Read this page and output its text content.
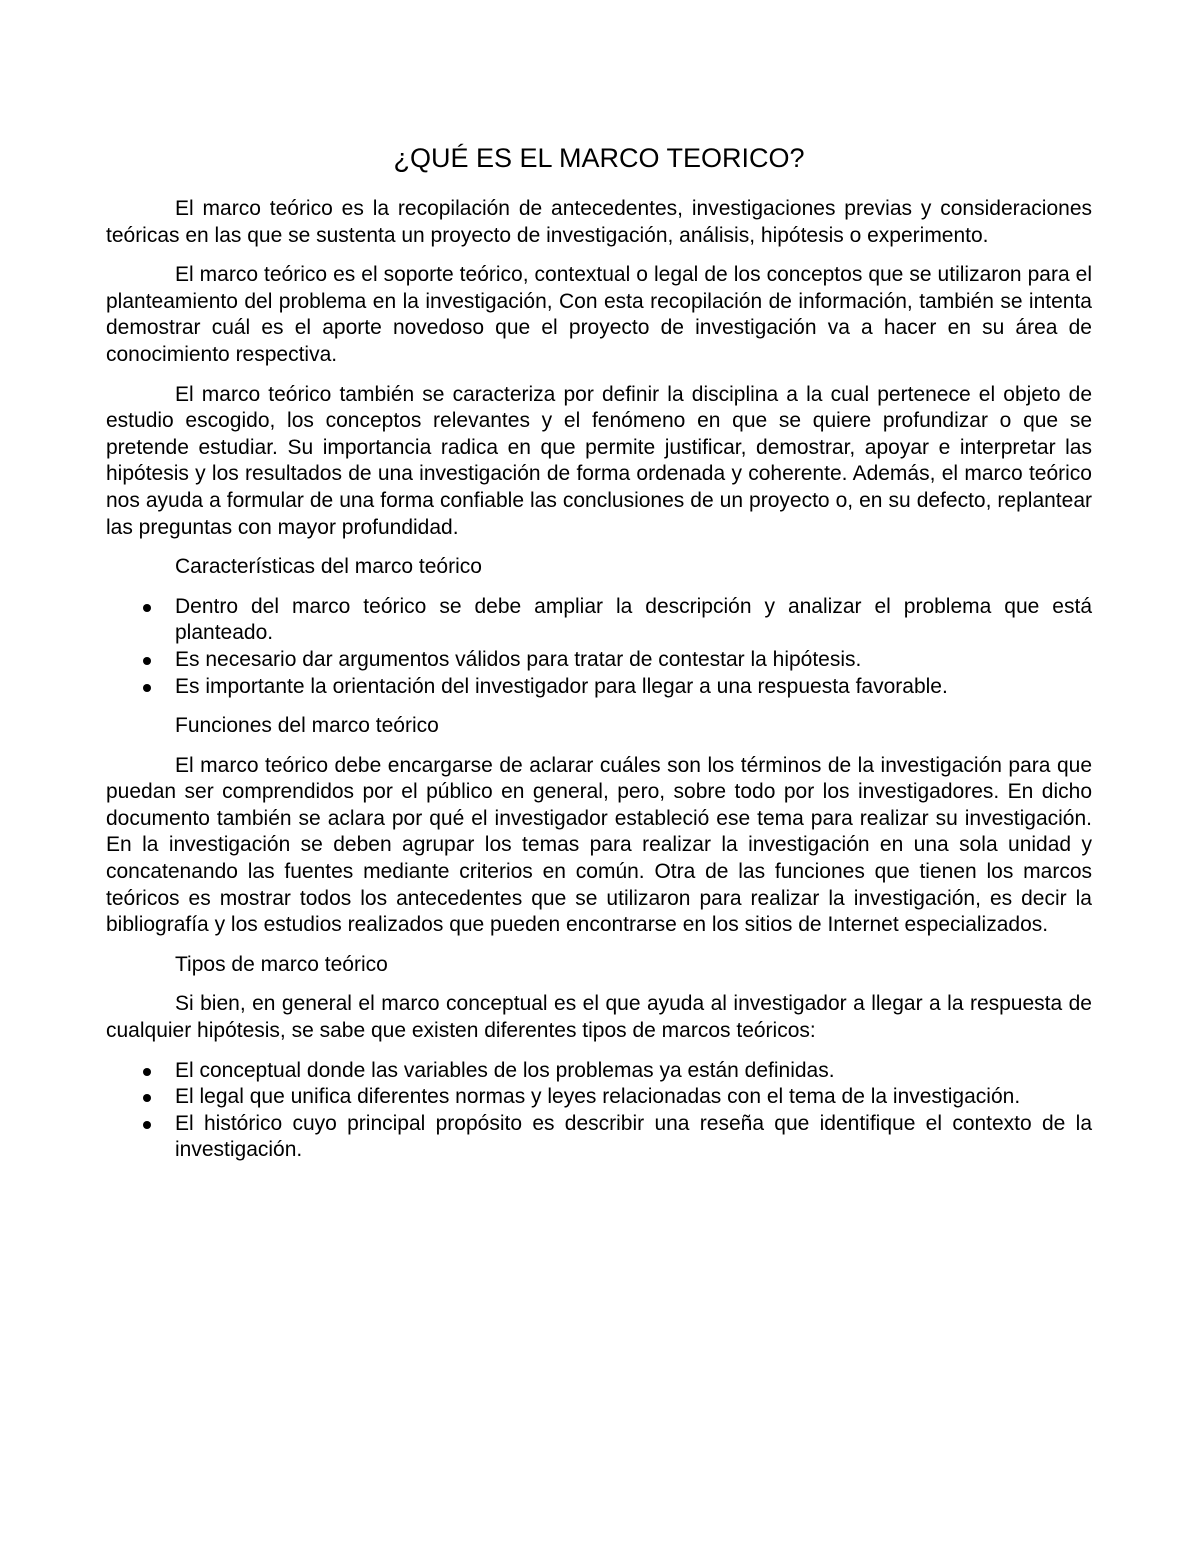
¿QUÉ ES EL MARCO TEORICO?

El marco teórico es la recopilación de antecedentes, investigaciones previas y consideraciones teóricas en las que se sustenta un proyecto de investigación, análisis, hipótesis o experimento.

El marco teórico es el soporte teórico, contextual o legal de los conceptos que se utilizaron para el planteamiento del problema en la investigación, Con esta recopilación de información, también se intenta demostrar cuál es el aporte novedoso que el proyecto de investigación va a hacer en su área de conocimiento respectiva.

El marco teórico también se caracteriza por definir la disciplina a la cual pertenece el objeto de estudio escogido, los conceptos relevantes y el fenómeno en que se quiere profundizar o que se pretende estudiar. Su importancia radica en que permite justificar, demostrar, apoyar e interpretar las hipótesis y los resultados de una investigación de forma ordenada y coherente. Además, el marco teórico nos ayuda a formular de una forma confiable las conclusiones de un proyecto o, en su defecto, replantear las preguntas con mayor profundidad.

Características del marco teórico

Dentro del marco teórico se debe ampliar la descripción y analizar el problema que está planteado.
Es necesario dar argumentos válidos para tratar de contestar la hipótesis.
Es importante la orientación del investigador para llegar a una respuesta favorable.

Funciones del marco teórico

El marco teórico debe encargarse de aclarar cuáles son los términos de la investigación para que puedan ser comprendidos por el público en general, pero, sobre todo por los investigadores. En dicho documento también se aclara por qué el investigador estableció ese tema para realizar su investigación. En la investigación se deben agrupar los temas para realizar la investigación en una sola unidad y concatenando las fuentes mediante criterios en común. Otra de las funciones que tienen los marcos teóricos es mostrar todos los antecedentes que se utilizaron para realizar la investigación, es decir la bibliografía y los estudios realizados que pueden encontrarse en los sitios de Internet especializados.

Tipos de marco teórico

Si bien, en general el marco conceptual es el que ayuda al investigador a llegar a la respuesta de cualquier hipótesis, se sabe que existen diferentes tipos de marcos teóricos:

El conceptual donde las variables de los problemas ya están definidas.
El legal que unifica diferentes normas y leyes relacionadas con el tema de la investigación.
El histórico cuyo principal propósito es describir una reseña que identifique el contexto de la investigación.
